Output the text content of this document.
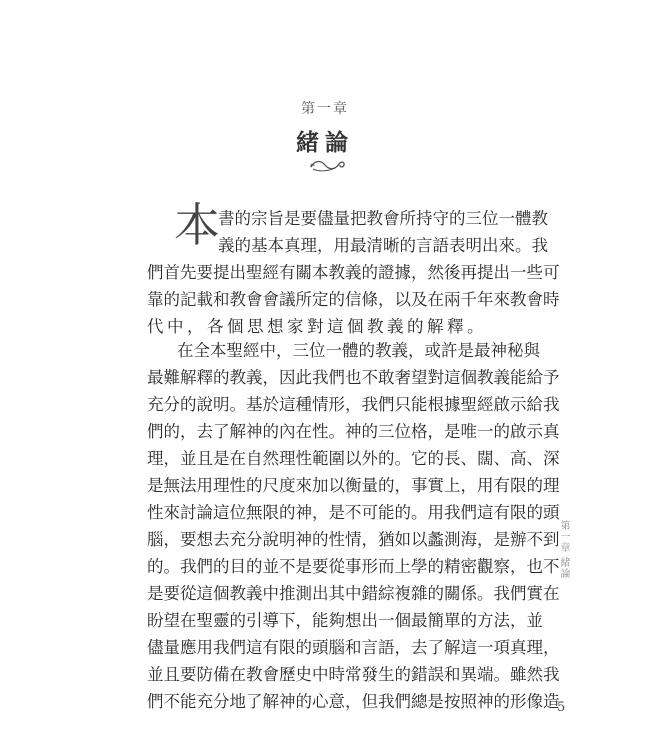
第一章
緒論
本
書的宗旨是要儘量把教會所持守的三位一體教
義的基本真理，用最清晰的言語表明出來。我
們首先要提出聖經有關本教義的證據，然後再提出一些可
靠的記載和教會會議所定的信條，以及在兩千年來教會時
代中，各個思想家對這個教義的解釋。
在全本聖經中，三位一體的教義，或許是最神秘與
最難解釋的教義，因此我們也不敢奢望對這個教義能給予
充分的說明。基於這種情形，我們只能根據聖經啟示給我
們的，去了解神的內在性。神的三位格，是唯一的啟示真
理，並且是在自然理性範圍以外的。它的長、闊、高、深
是無法用理性的尺度來加以衡量的，事實上，用有限的理
性來討論這位無限的神，是不可能的。用我們這有限的頭
腦，要想去充分說明神的性情，猶如以蠡測海，是辦不到
的。我們的目的並不是要從事形而上學的精密觀察，也不
是要從這個教義中推測出其中錯綜複雜的關係。我們實在
盼望在聖靈的引導下，能夠想出一個最簡單的方法，並
儘量應用我們這有限的頭腦和言語，去了解這一項真理，
並且要防備在教會歷史中時常發生的錯誤和異端。雖然我
們不能充分地了解神的心意，但我們總是按照神的形像造
第一章 緒論
5
